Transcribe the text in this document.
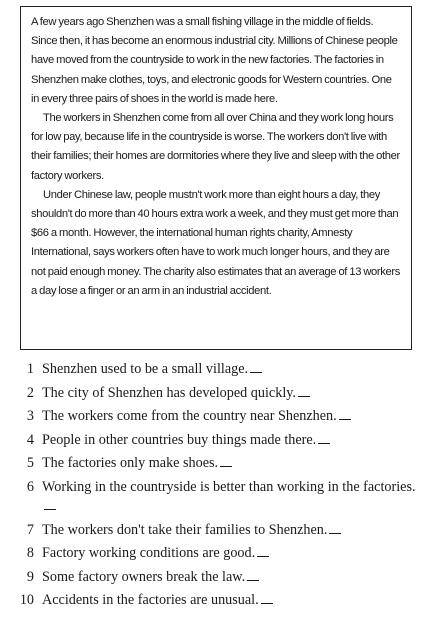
A few years ago Shenzhen was a small fishing village in the middle of fields. Since then, it has become an enormous industrial city. Millions of Chinese people have moved from the countryside to work in the new factories. The factories in Shenzhen make clothes, toys, and electronic goods for Western countries. One in every three pairs of shoes in the world is made here.

The workers in Shenzhen come from all over China and they work long hours for low pay, because life in the countryside is worse. The workers don't live with their families; their homes are dormitories where they live and sleep with the other factory workers.

Under Chinese law, people mustn't work more than eight hours a day, they shouldn't do more than 40 hours extra work a week, and they must get more than $66 a month. However, the international human rights charity, Amnesty International, says workers often have to work much longer hours, and they are not paid enough money. The charity also estimates that an average of 13 workers a day lose a finger or an arm in an industrial accident.

1 Shenzhen used to be a small village.
2 The city of Shenzhen has developed quickly.
3 The workers come from the country near Shenzhen.
4 People in other countries buy things made there.
5 The factories only make shoes.
6 Working in the countryside is better than working in the factories.
7 The workers don't take their families to Shenzhen.
8 Factory working conditions are good.
9 Some factory owners break the law.
10 Accidents in the factories are unusual.
